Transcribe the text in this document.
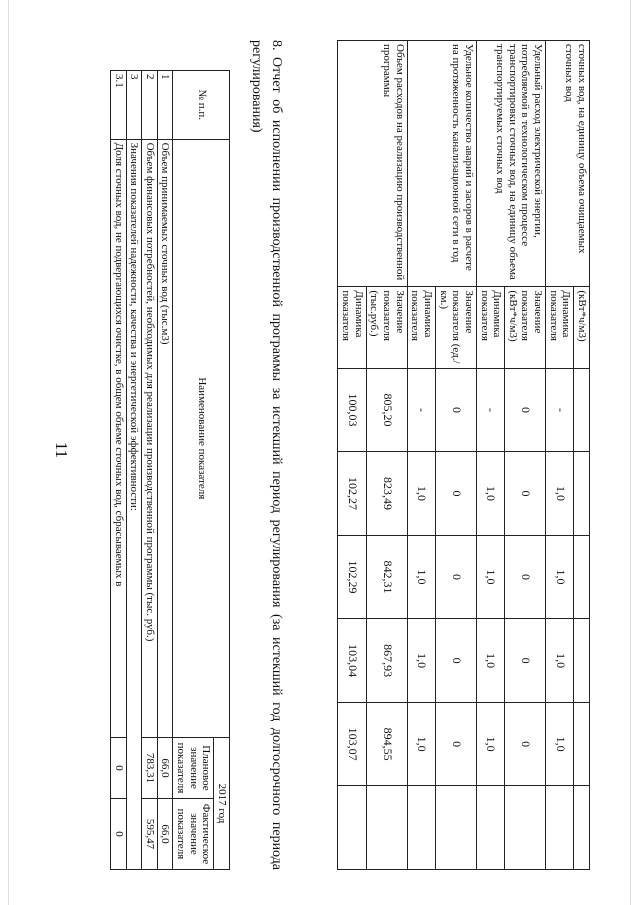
11
сточных вод, на единицу объема очищаемых сточных вод	(кВт*ч/м3)						
	Динамика показателя	-	1,0	1,0	1,0	1,0	
Удельный расход электрической энергии, потребляемой в технологическом процессе транспортировки сточных вод, на единицу объема транспортируемых сточных вод	Значение показателя (кВт*ч/м3)	0	0	0	0	0	
	Динамика показателя	-	1,0	1,0	1,0	1,0	
Удельное количество аварий и засоров в расчете на протяженность канализационной сети в год	Значение показателя (ед./км.)	0	0	0	0	0	
	Динамика показателя	-	1,0	1,0	1,0	1,0	
Объем расходов на реализацию производственной программы	Значение показателя (тыс.руб.)	805,20	823,49	842,31	867,93	894,55	
	Динамика показателя	100,03	102,27	102,29	103,04	103,07	
8. Отчет об исполнении производственной программы за истекший период регулирования (за истекший год долгосрочного периода регулирования)
№ п.п.	Наименование показателя	2017 год	
		Плановое значение показателя	Фактическое значение показателя
1	Объем принимаемых сточных вод (тыс.м3)	66,0	66,0
2	Объем финансовых потребностей, необходимых для реализации производственной программы (тыс. руб.)	783,31	595,47
3	Значения показателей надежности, качества и энергетической эффективности:		
3.1	Доля сточных вод, не подвергающихся очистке, в общем объеме сточных вод, сбрасываемых в	0	0
